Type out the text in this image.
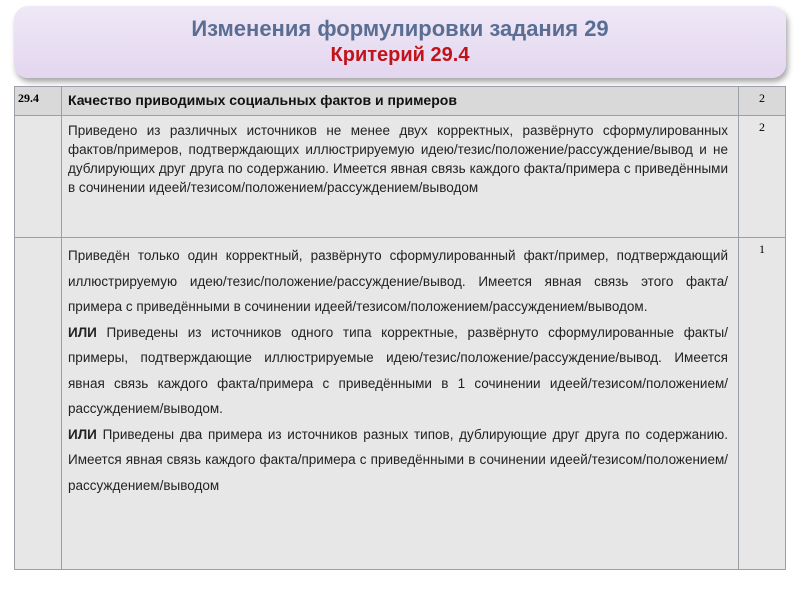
Изменения формулировки задания 29
Критерий 29.4
29.4	Качество приводимых социальных фактов и примеров	2

	Приведено из различных источников не менее двух корректных, развёрнуто сформулированных фактов/примеров, подтверждающих иллюстрируемую идею/тезис/положение/рассуждение/вывод и не дублирующих друг друга по содержанию. Имеется явная связь каждого факта/примера с приведёнными в сочинении идеей/тезисом/положением/рассуждением/выводом	2

	Приведён только один корректный, развёрнуто сформулированный факт/пример, подтверждающий иллюстрируемую идею/тезис/положение/рассуждение/вывод. Имеется явная связь этого факта/примера с приведёнными в сочинении идеей/тезисом/положением/рассуждением/выводом.

ИЛИ Приведены из источников одного типа корректные, развёрнуто сформулированные факты/примеры, подтверждающие иллюстрируемые идею/тезис/положение/рассуждение/вывод. Имеется явная связь каждого факта/примера с приведёнными в 1 сочинении идеей/тезисом/положением/рассуждением/выводом.

ИЛИ Приведены два примера из источников разных типов, дублирующие друг друга по содержанию. Имеется явная связь каждого факта/примера с приведёнными в сочинении идеей/тезисом/положением/рассуждением/выводом	1
